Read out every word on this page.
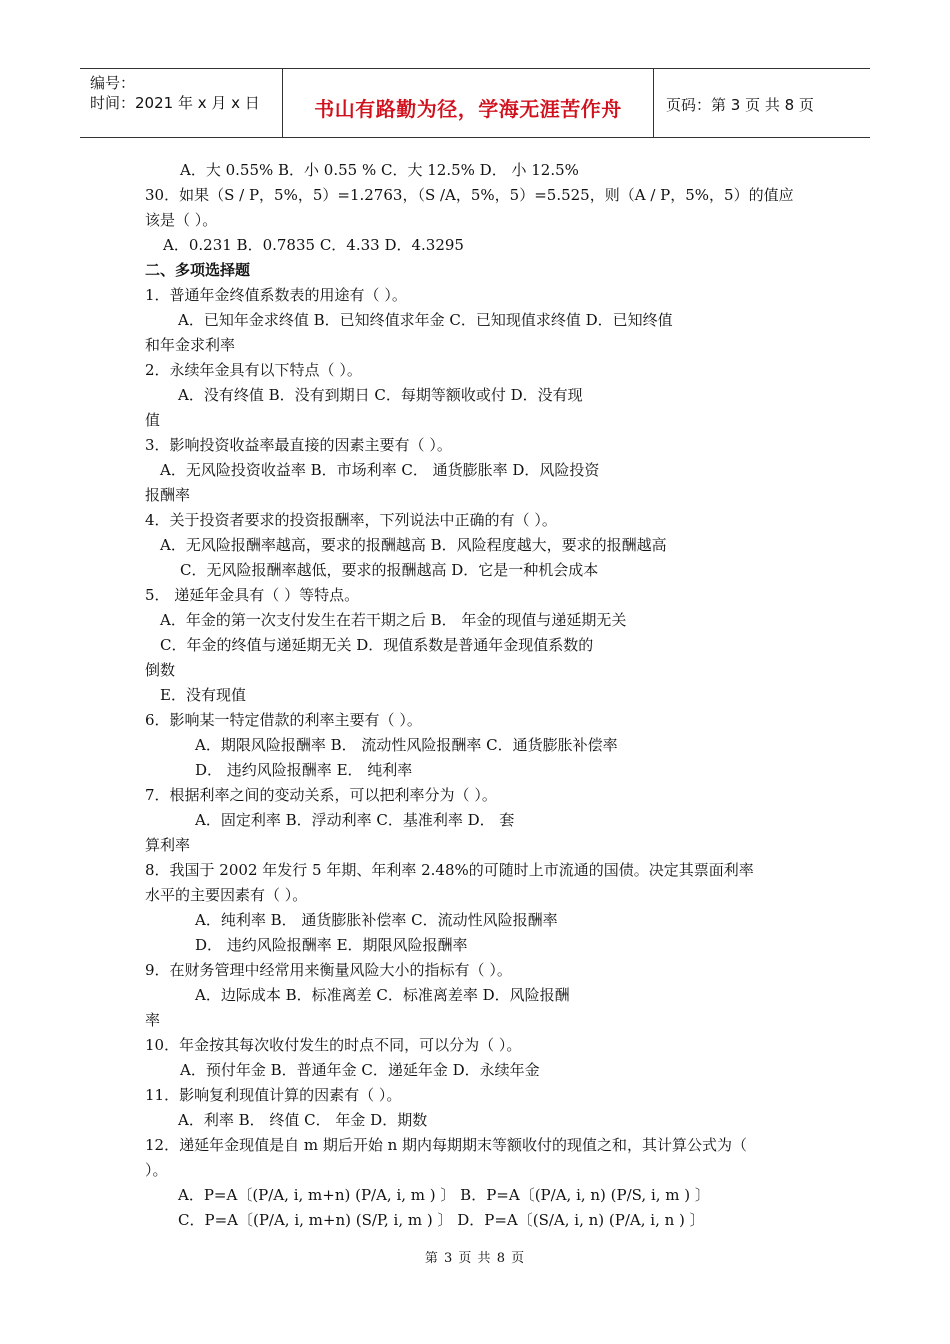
编号：
时间：2021 年 x 月 x 日	书山有路勤为径，学海无涯苦作舟	页码：第 3 页 共 8 页
A．大 0.55% B．小 0.55 % C．大 12.5% D． 小 12.5%
30．如果（S / P，5%，5）=1.2763，（S /A，5%，5）=5.525，则（A / P，5%，5）的值应
该是（ ）。
A．0.231 B．0.7835 C．4.33 D．4.3295
二、多项选择题
1．普通年金终值系数表的用途有（ ）。
A．已知年金求终值 B．已知终值求年金 C．已知现值求终值 D．已知终值
和年金求利率
2．永续年金具有以下特点（ ）。
A．没有终值 B．没有到期日 C．每期等额收或付 D．没有现
值
3．影响投资收益率最直接的因素主要有（ ）。
A．无风险投资收益率 B．市场利率 C． 通货膨胀率 D．风险投资
报酬率
4．关于投资者要求的投资报酬率，下列说法中正确的有（ ）。
A．无风险报酬率越高，要求的报酬越高 B．风险程度越大，要求的报酬越高
C．无风险报酬率越低，要求的报酬越高 D．它是一种机会成本
5． 递延年金具有（ ）等特点。
A．年金的第一次支付发生在若干期之后 B． 年金的现值与递延期无关
C．年金的终值与递延期无关 D．现值系数是普通年金现值系数的
倒数
E．没有现值
6．影响某一特定借款的利率主要有（ ）。
A．期限风险报酬率 B． 流动性风险报酬率 C．通货膨胀补偿率
D． 违约风险报酬率 E． 纯利率
7．根据利率之间的变动关系，可以把利率分为（ ）。
A．固定利率 B．浮动利率 C．基准利率 D． 套
算利率
8．我国于 2002 年发行 5 年期、年利率 2.48%的可随时上市流通的国债。决定其票面利率
水平的主要因素有（ ）。
A．纯利率 B． 通货膨胀补偿率 C．流动性风险报酬率
D． 违约风险报酬率 E．期限风险报酬率
9．在财务管理中经常用来衡量风险大小的指标有（ ）。
A．边际成本 B．标准离差 C．标准离差率 D．风险报酬
率
10．年金按其每次收付发生的时点不同，可以分为（ ）。
A．预付年金 B．普通年金 C．递延年金 D．永续年金
11．影响复利现值计算的因素有（ ）。
A．利率 B． 终值 C． 年金 D．期数
12．递延年金现值是自 m 期后开始 n 期内每期期末等额收付的现值之和，其计算公式为（
）。
A．P=A〔(P/A, i, m+n) (P/A, i, m ) 〕 B．P=A〔(P/A, i, n) (P/S, i, m ) 〕
C．P=A〔(P/A, i, m+n) (S/P, i, m ) 〕 D．P=A〔(S/A, i, n) (P/A, i, n ) 〕
第 3 页 共 8 页
